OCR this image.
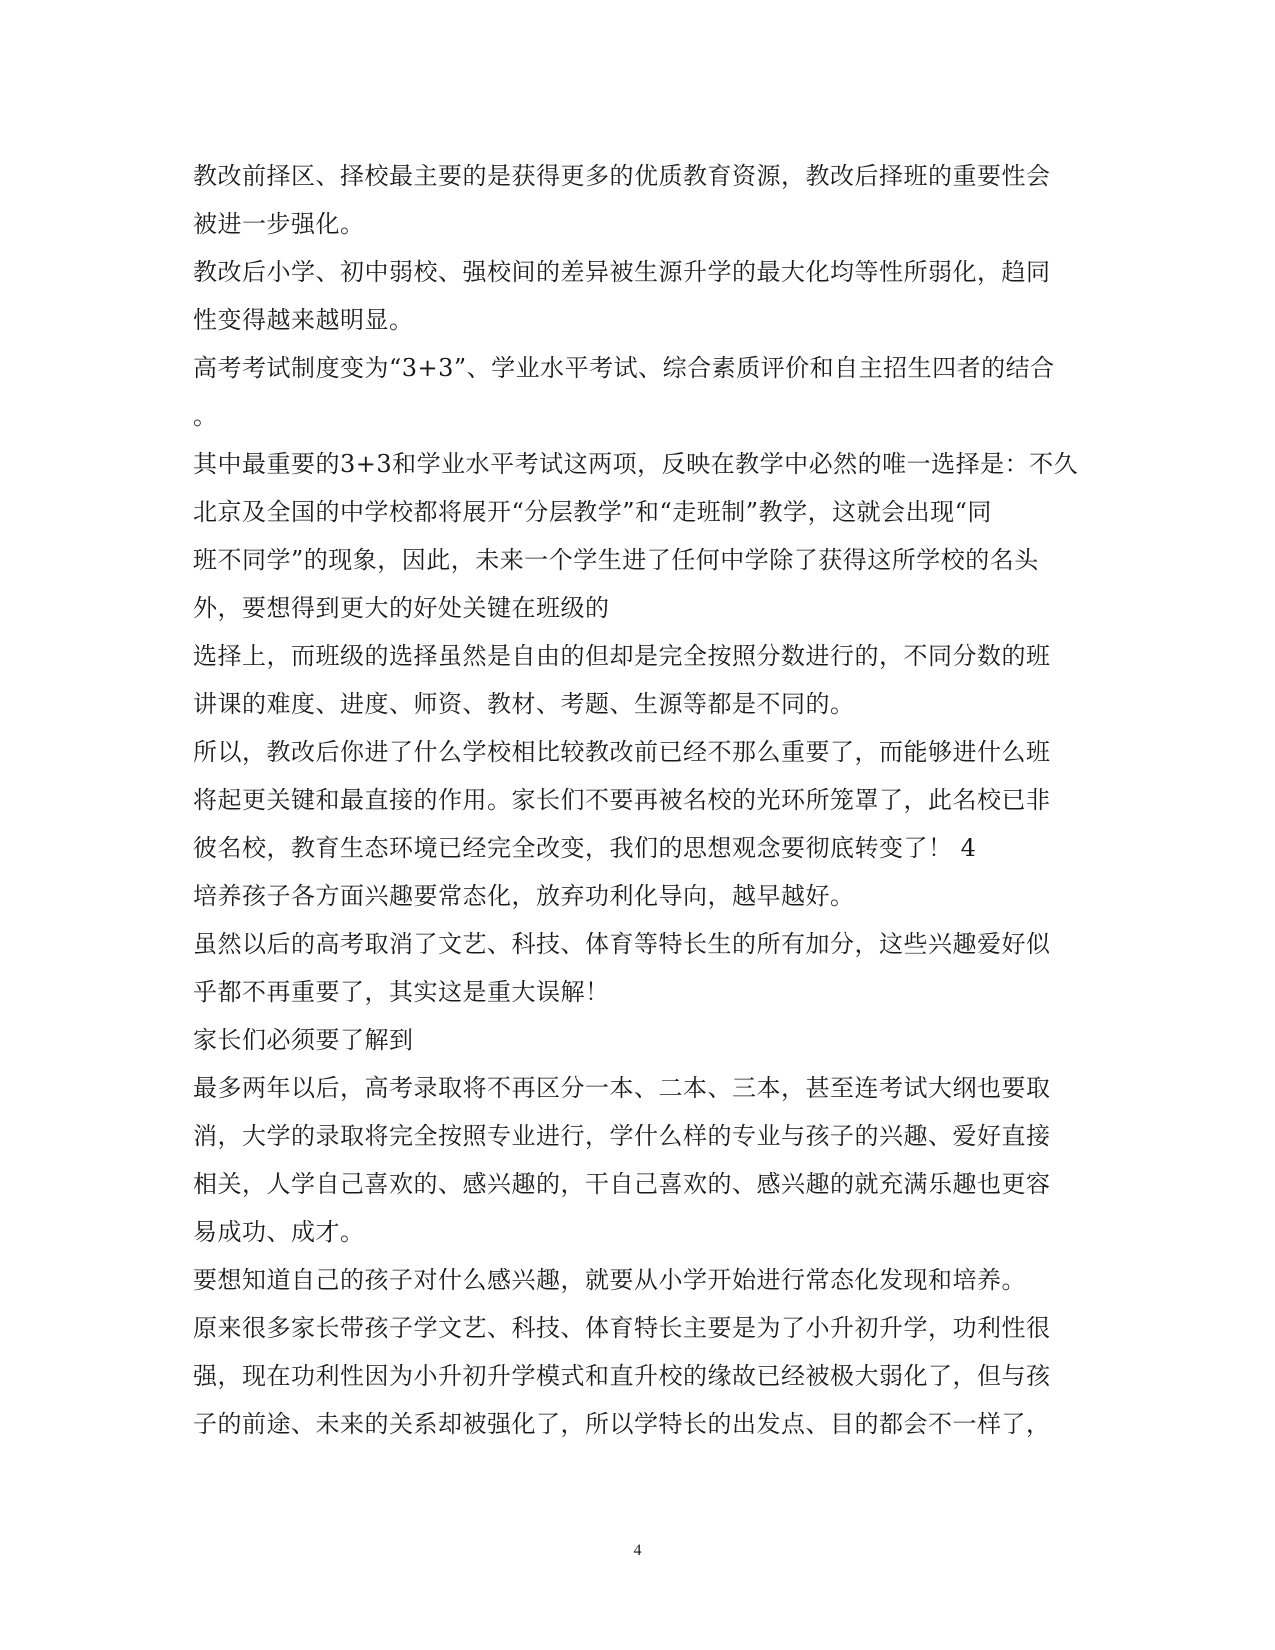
教改前择区、择校最主要的是获得更多的优质教育资源，教改后择班的重要性会
被进一步强化。
教改后小学、初中弱校、强校间的差异被生源升学的最大化均等性所弱化，趋同
性变得越来越明显。
高考考试制度变为“3+3”、学业水平考试、综合素质评价和自主招生四者的结合
。
其中最重要的3+3和学业水平考试这两项，反映在教学中必然的唯一选择是：不久
北京及全国的中学校都将展开“分层教学”和“走班制”教学，这就会出现“同
班不同学”的现象，因此，未来一个学生进了任何中学除了获得这所学校的名头
外，要想得到更大的好处关键在班级的
选择上，而班级的选择虽然是自由的但却是完全按照分数进行的，不同分数的班
讲课的难度、进度、师资、教材、考题、生源等都是不同的。
所以，教改后你进了什么学校相比较教改前已经不那么重要了，而能够进什么班
将起更关键和最直接的作用。家长们不要再被名校的光环所笼罩了，此名校已非
彼名校，教育生态环境已经完全改变，我们的思想观念要彻底转变了！ 4
培养孩子各方面兴趣要常态化，放弃功利化导向，越早越好。
虽然以后的高考取消了文艺、科技、体育等特长生的所有加分，这些兴趣爱好似
乎都不再重要了，其实这是重大误解！
家长们必须要了解到
最多两年以后，高考录取将不再区分一本、二本、三本，甚至连考试大纲也要取
消，大学的录取将完全按照专业进行，学什么样的专业与孩子的兴趣、爱好直接
相关，人学自己喜欢的、感兴趣的，干自己喜欢的、感兴趣的就充满乐趣也更容
易成功、成才。
要想知道自己的孩子对什么感兴趣，就要从小学开始进行常态化发现和培养。
原来很多家长带孩子学文艺、科技、体育特长主要是为了小升初升学，功利性很
强，现在功利性因为小升初升学模式和直升校的缘故已经被极大弱化了，但与孩
子的前途、未来的关系却被强化了，所以学特长的出发点、目的都会不一样了，
4
